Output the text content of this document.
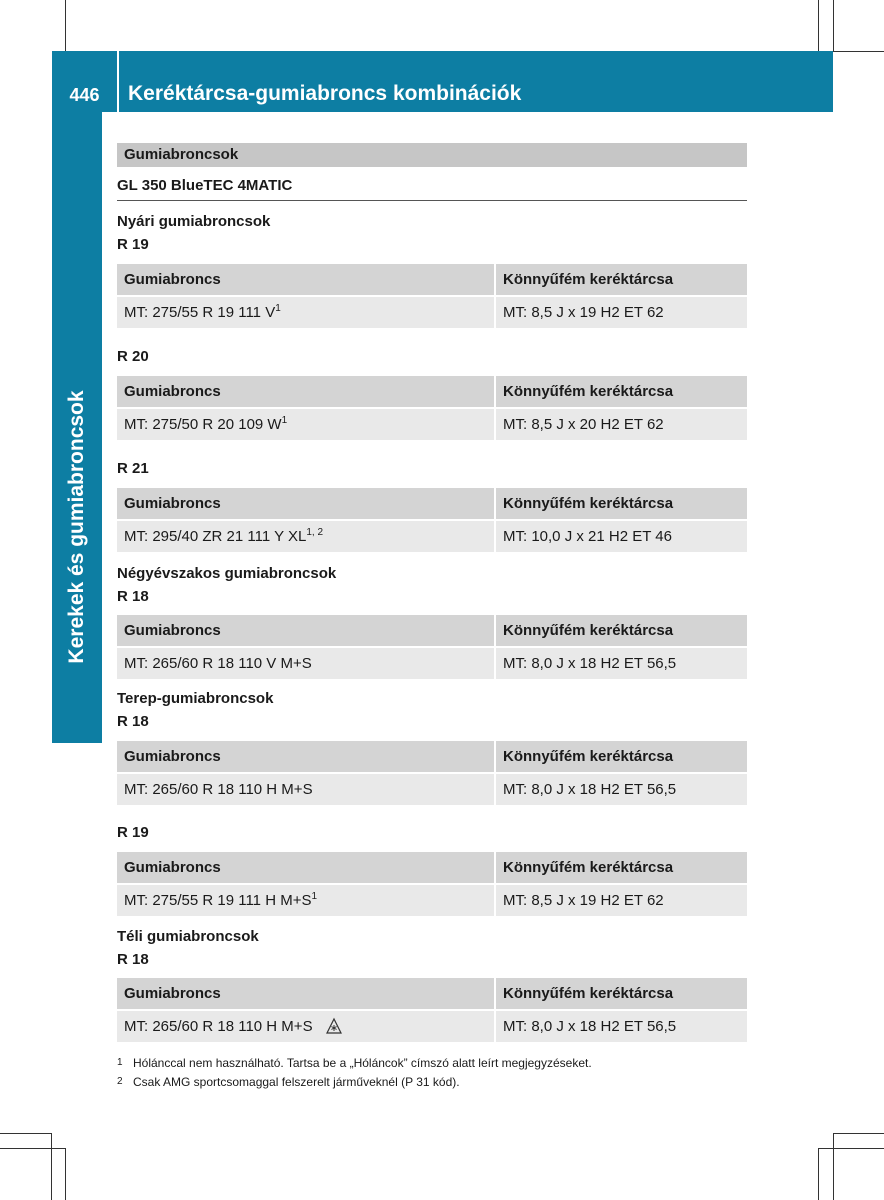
446	Keréktárcsa-gumiabroncs kombinációk
Kerekek és gumiabroncsok
Gumiabroncsok
GL 350 BlueTEC 4MATIC
Nyári gumiabroncsok
R 19
Gumiabroncs	Könnyűfém keréktárcsa
MT: 275/55 R 19 111 $V^1$	MT: 8,5 J x 19 H2 ET 62
R 20
Gumiabroncs	Könnyűfém keréktárcsa
MT: 275/50 R 20 109 $W^1$	MT: 8,5 J x 20 H2 ET 62
R 21
Gumiabroncs	Könnyűfém keréktárcsa
MT: 295/40 ZR 21 111 Y XL$^{1, 2}$	MT: 10,0 J x 21 H2 ET 46
Négyévszakos gumiabroncsok
R 18
Gumiabroncs	Könnyűfém keréktárcsa
MT: 265/60 R 18 110 V M+S	MT: 8,0 J x 18 H2 ET 56,5
Terep-gumiabroncsok
R 18
Gumiabroncs	Könnyűfém keréktárcsa
MT: 265/60 R 18 110 H M+S	MT: 8,0 J x 18 H2 ET 56,5
R 19
Gumiabroncs	Könnyűfém keréktárcsa
MT: 275/55 R 19 111 H $M+S^1$	MT: 8,5 J x 19 H2 ET 62
Téli gumiabroncsok
R 18
Gumiabroncs	Könnyűfém keréktárcsa
MT: 265/60 R 18 110 H M+S	MT: 8,0 J x 18 H2 ET 56,5
1 Hólánccal nem használható. Tartsa be a „Hóláncok” címszó alatt leírt megjegyzéseket.
2 Csak AMG sportcsomaggal felszerelt járműveknél (P 31 kód).
